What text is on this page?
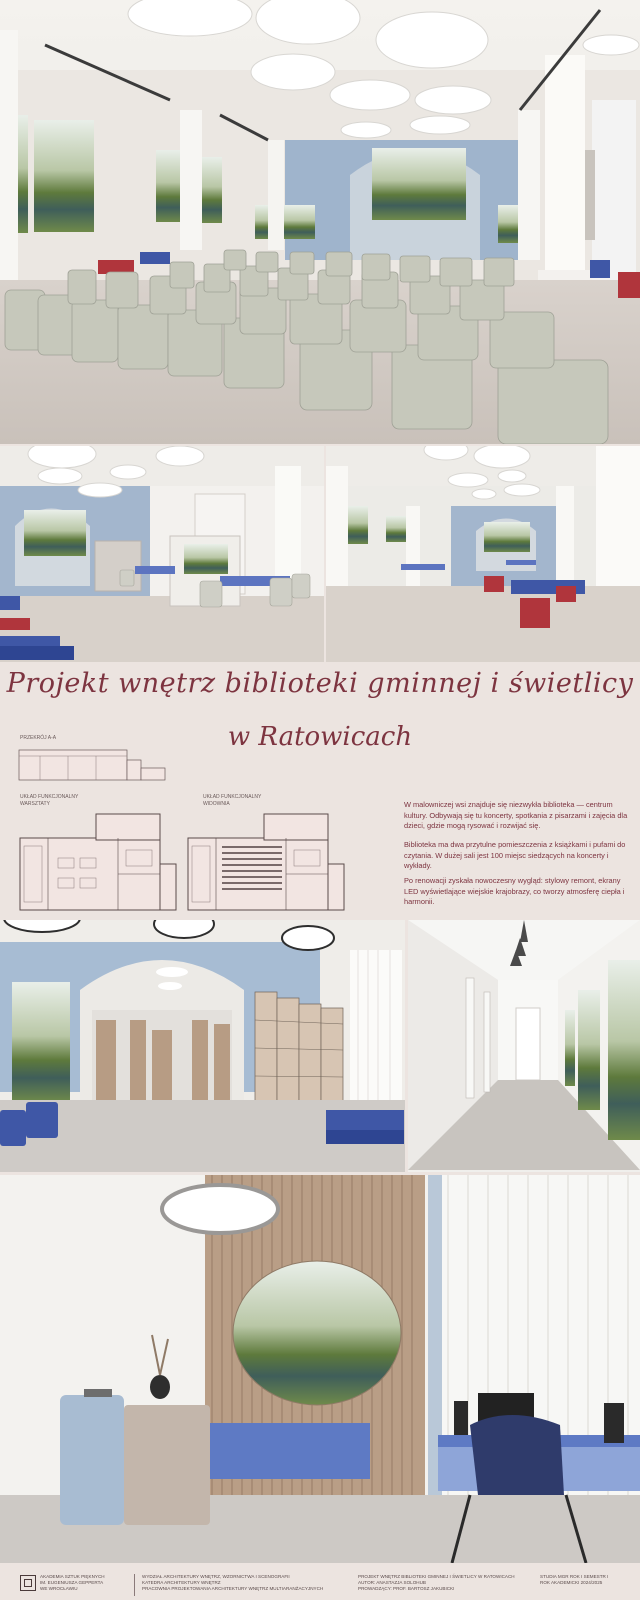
Projekt wnętrz biblioteki gminnej i świetlicy
w Ratowicach
PRZEKRÓJ A-A
UKŁAD FUNKCJONALNY
WARSZTATY
UKŁAD FUNKCJONALNY
WIDOWNIA	W malowniczej wsi znajduje się niezwykła biblioteka — centrum kultury. Odbywają się tu koncerty, spotkania z pisarzami i zajęcia dla dzieci, gdzie mogą rysować i rozwijać się.
Biblioteka ma dwa przytulne pomieszczenia z książkami i pufami do czytania. W dużej sali jest 100 miejsc siedzących na koncerty i wykłady.
Po renowacji zyskała nowoczesny wygląd: stylowy remont, ekrany LED wyświetlające wiejskie krajobrazy, co tworzy atmosferę ciepła i harmonii.
AKADEMIA SZTUK PIĘKNYCH
IM. EUGENIUSZA GEPPERTA
WE WROCŁAWIU
WYDZIAŁ ARCHITEKTURY WNĘTRZ, WZORNICTWA I SCENOGRAFII
KATEDRA ARCHITEKTURY WNĘTRZ
PRACOWNIA PROJEKTOWANIA ARCHITEKTURY WNĘTRZ MULTIARANŻACYJNYCH
PROJEKT WNĘTRZ BIBLIOTEKI GMINNEJ I ŚWIETLICY W RATOWICACH
AUTOR: ANASTAZJA SOLOHUB
PROWADZĄCY: PROF. BARTOSZ JAKUBICKI
STUDIA MGR ROK I SEMESTR I
ROK AKADEMICKI 2024/2025
